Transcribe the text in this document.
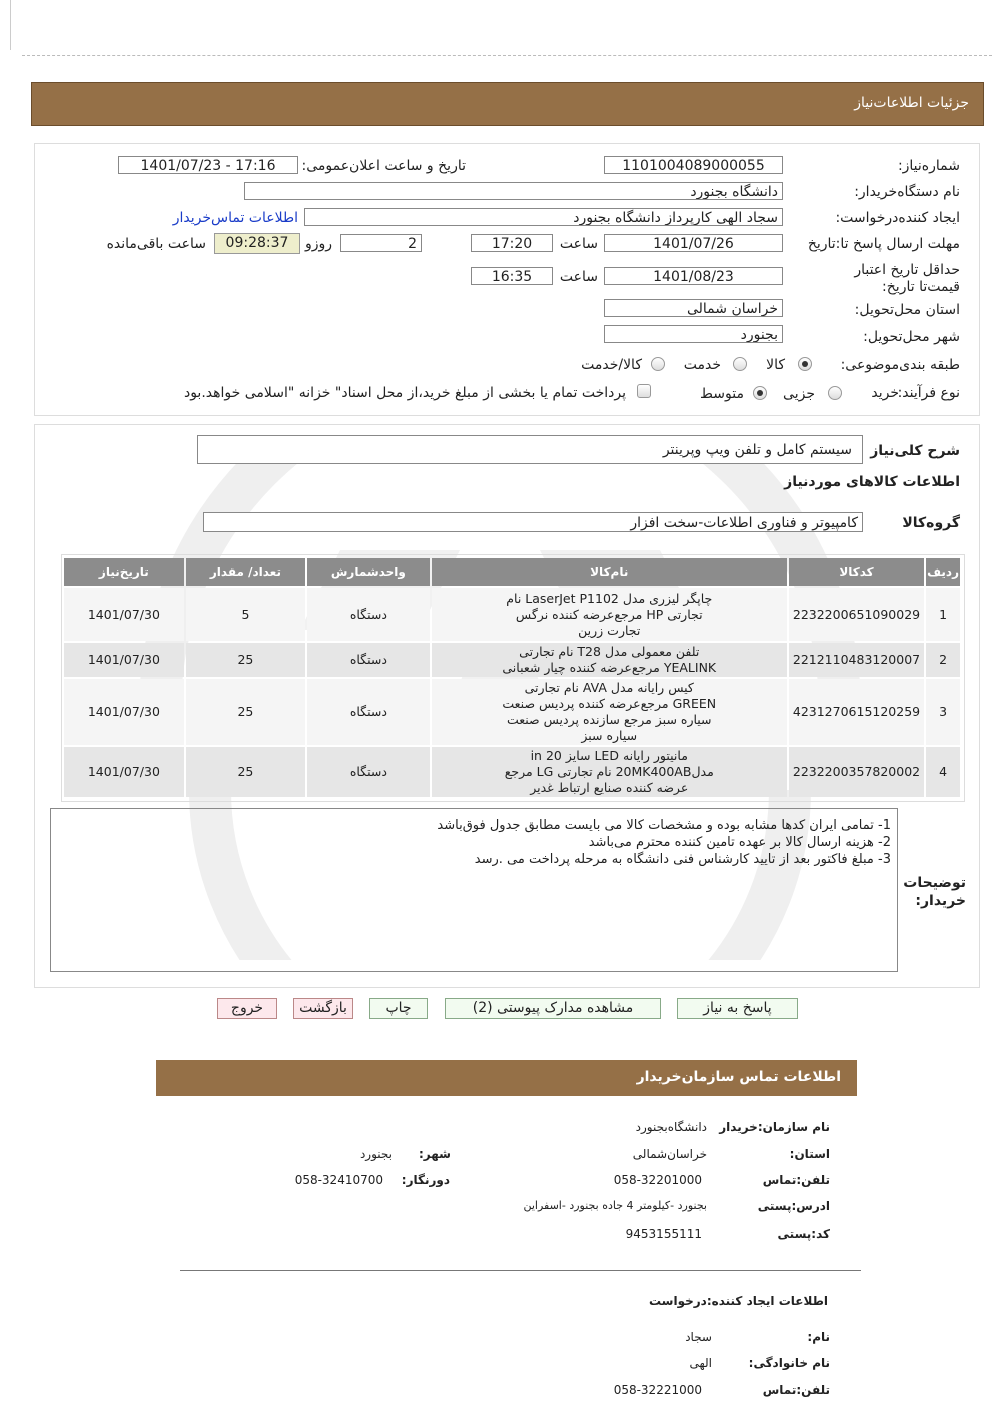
جزئیات اطلاعات‌نیاز
شماره‌نیاز:
1101004089000055
تاریخ و ساعت اعلان‌عمومی:
1401/07/23 - 17:16
نام دستگاه‌خریدار:
دانشگاه بجنورد
ایجاد کننده‌درخواست:
سجاد الهی کارپرداز دانشگاه بجنورد
اطلاعات تماس‌خریدار
مهلت ارسال پاسخ تا:تاریخ
1401/07/26
ساعت
17:20
2
روزو
09:28:37
ساعت باقی‌مانده
حداقل تاریخ اعتبار قیمت‌تا تاریخ:
1401/08/23
ساعت
16:35
استان محل‌تحویل:
خراسان شمالی
شهر محل‌تحویل:
بجنورد
طبقه بندی‌موضوعی:
کالا
خدمت
کالا/خدمت
نوع فرآیند:
خرید
جزیی
متوسط
پرداخت تمام یا بخشی از مبلغ خرید،از محل اسناد" خزانه "اسلامی خواهد.بود
شرح کلی‌نیاز
سیستم کامل و تلفن ویپ وپرینتر
اطلاعات کالاهای موردنیاز
گروه‌کالا
کامپیوتر و فناوری اطلاعات-سخت افزار
ردیف	کدکالا	نام‌کالا	واحدشمارش	تعداد/ مقدار	تاریخ‌نیاز
1	2232200651090029	چاپگر لیزری مدل LaserJet P1102 نام تجارتی HP مرجع‌عرضه کننده نرگس تجارت زرین	دستگاه	5	1401/07/30
2	2212110483120007	تلفن معمولی مدل T28 نام تجارتی YEALINK مرجع‌عرضه کننده چیار شعبانی	دستگاه	25	1401/07/30
3	4231270615120259	کیس رایانه مدل AVA نام تجارتی GREEN مرجع‌عرضه کننده پردیس صنعت سیاره سبز مرجع سازنده پردیس صنعت سیاره سبز	دستگاه	25	1401/07/30
4	2232200357820002	مانیتور رایانه LED سایز 20 in مدل20MK400AB نام تجارتی LG مرجع عرضه کننده صنایع ارتباط غدیر	دستگاه	25	1401/07/30
1- تمامی ایران کدها مشابه بوده و مشخصات کالا می بایست مطابق جدول فوق‌باشد
2- هزینه ارسال کالا بر عهده تامین کننده محترم می‌باشد
3- مبلغ فاکتور بعد از تایید کارشناس فنی دانشگاه به مرحله پرداخت می .رسد
توضیحات خریدار:
پاسخ به نیاز
مشاهده مدارک پیوستی (2)
چاپ
بازگشت
خروج
اطلاعات تماس سازمان‌خریدار
نام سازمان:خریدار
دانشگاه‌بجنورد
استان:
خراسان‌شمالی
شهر:
بجنورد
تلفن:تماس
058-32201000
دورنگار:
058-32410700
ادرس:پستی
بجنورد -کیلومتر 4 جاده بجنورد -اسفراین
کد:پستی
9453155111
اطلاعات ایجاد کننده:درخواست
نام:
سجاد
نام خانوادگی:
الهی
تلفن:تماس
058-32221000
